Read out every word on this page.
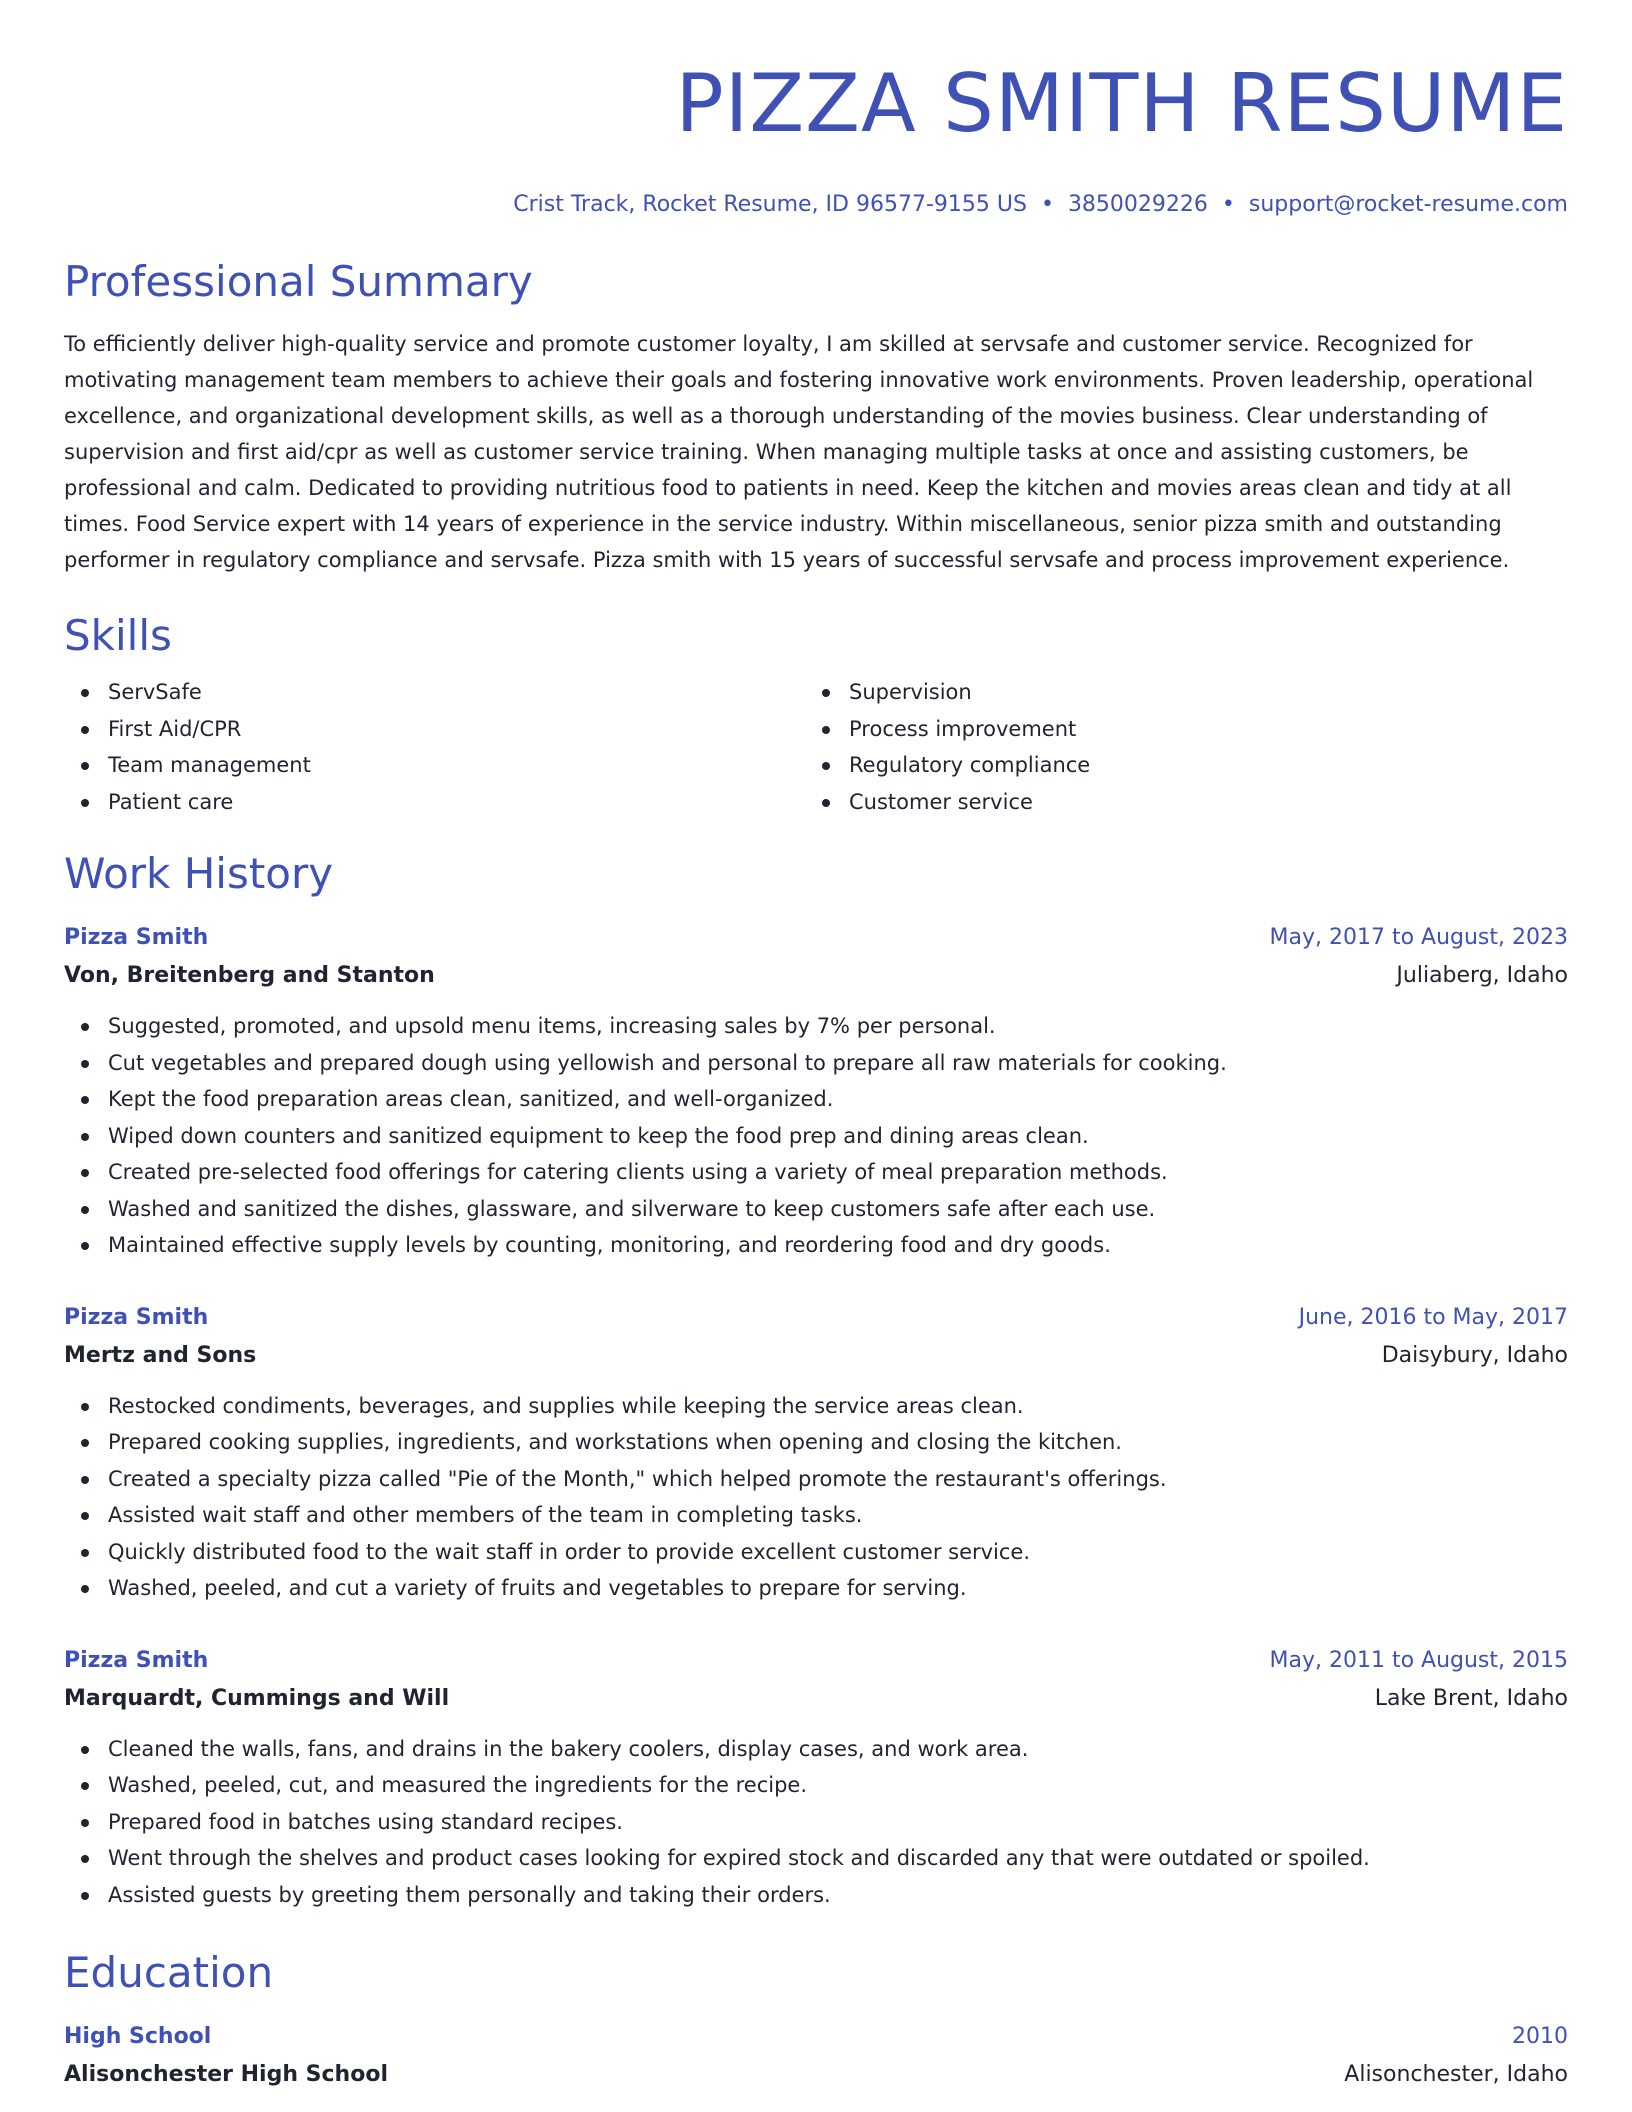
PIZZA SMITH RESUME
Crist Track, Rocket Resume, ID 96577-9155 US • 3850029226 • support@rocket-resume.com
Professional Summary

To efficiently deliver high-quality service and promote customer loyalty, I am skilled at servsafe and customer service. Recognized for motivating management team members to achieve their goals and fostering innovative work environments. Proven leadership, operational excellence, and organizational development skills, as well as a thorough understanding of the movies business. Clear understanding of supervision and first aid/cpr as well as customer service training. When managing multiple tasks at once and assisting customers, be professional and calm. Dedicated to providing nutritious food to patients in need. Keep the kitchen and movies areas clean and tidy at all times. Food Service expert with 14 years of experience in the service industry. Within miscellaneous, senior pizza smith and outstanding performer in regulatory compliance and servsafe. Pizza smith with 15 years of successful servsafe and process improvement experience.

Skills
ServSafe
First Aid/CPR
Team management
Patient care
Supervision
Process improvement
Regulatory compliance
Customer service
Work History
Pizza Smith	May, 2017 to August, 2023
Von, Breitenberg and Stanton	Juliaberg, Idaho
Suggested, promoted, and upsold menu items, increasing sales by 7% per personal.
Cut vegetables and prepared dough using yellowish and personal to prepare all raw materials for cooking.
Kept the food preparation areas clean, sanitized, and well-organized.
Wiped down counters and sanitized equipment to keep the food prep and dining areas clean.
Created pre-selected food offerings for catering clients using a variety of meal preparation methods.
Washed and sanitized the dishes, glassware, and silverware to keep customers safe after each use.
Maintained effective supply levels by counting, monitoring, and reordering food and dry goods.
Pizza Smith	June, 2016 to May, 2017
Mertz and Sons	Daisybury, Idaho
Restocked condiments, beverages, and supplies while keeping the service areas clean.
Prepared cooking supplies, ingredients, and workstations when opening and closing the kitchen.
Created a specialty pizza called "Pie of the Month," which helped promote the restaurant's offerings.
Assisted wait staff and other members of the team in completing tasks.
Quickly distributed food to the wait staff in order to provide excellent customer service.
Washed, peeled, and cut a variety of fruits and vegetables to prepare for serving.
Pizza Smith	May, 2011 to August, 2015
Marquardt, Cummings and Will	Lake Brent, Idaho
Cleaned the walls, fans, and drains in the bakery coolers, display cases, and work area.
Washed, peeled, cut, and measured the ingredients for the recipe.
Prepared food in batches using standard recipes.
Went through the shelves and product cases looking for expired stock and discarded any that were outdated or spoiled.
Assisted guests by greeting them personally and taking their orders.
Education
High School	2010
Alisonchester High School	Alisonchester, Idaho
